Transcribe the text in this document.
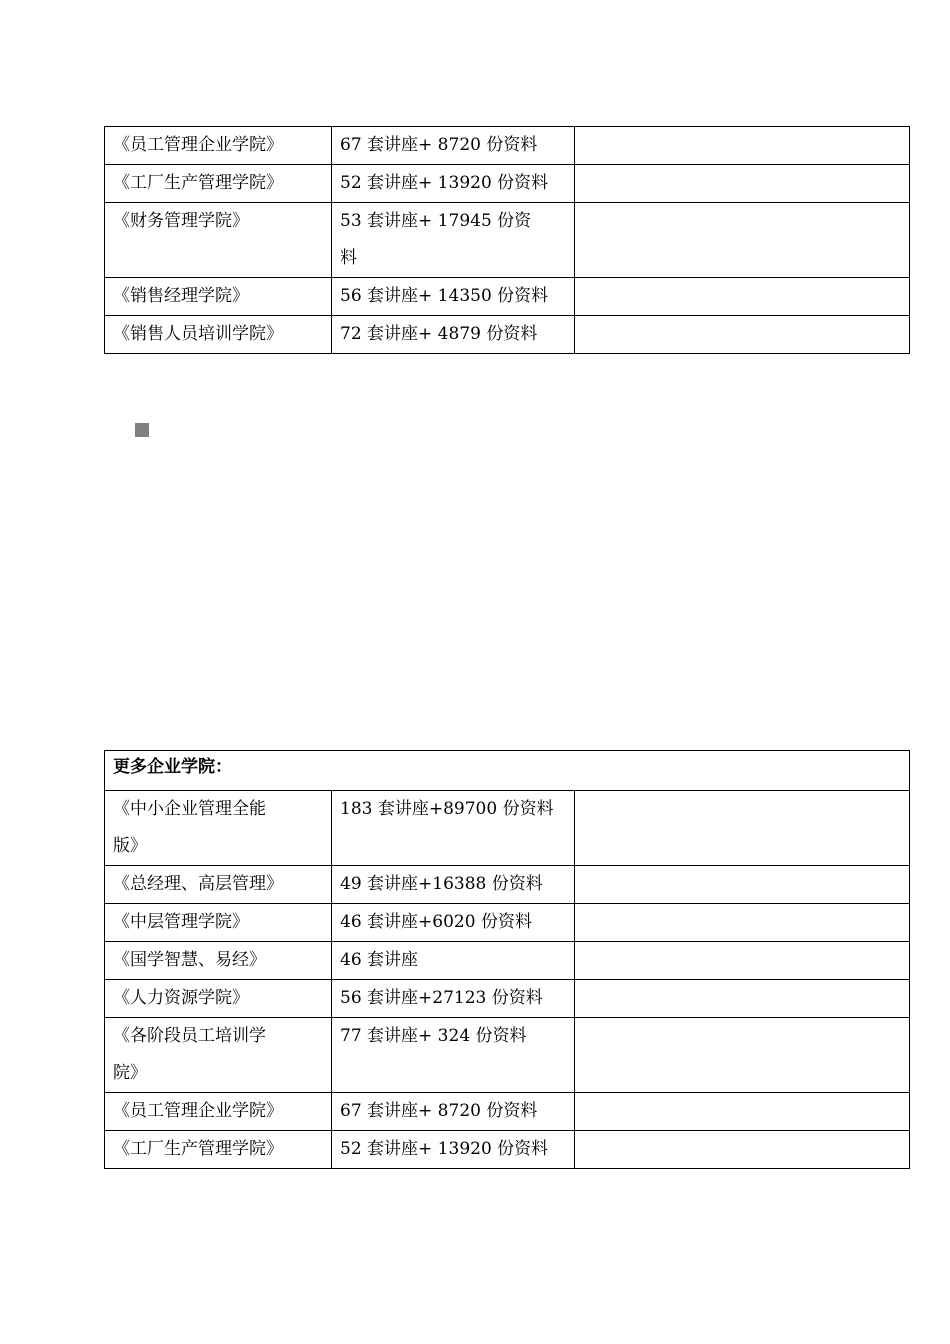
《员工管理企业学院》	67 套讲座+ 8720 份资料	
《工厂生产管理学院》	52 套讲座+ 13920 份资料	
《财务管理学院》	53 套讲座+ 17945 份资料	
《销售经理学院》	56 套讲座+ 14350 份资料	
《销售人员培训学院》	72 套讲座+ 4879 份资料	
更多企业学院：		
《中小企业管理全能版》	183 套讲座+89700 份资料	
《总经理、高层管理》	49 套讲座+16388 份资料	
《中层管理学院》	46 套讲座+6020 份资料	
《国学智慧、易经》	46 套讲座	
《人力资源学院》	56 套讲座+27123 份资料	
《各阶段员工培训学院》	77 套讲座+ 324 份资料	
《员工管理企业学院》	67 套讲座+ 8720 份资料	
《工厂生产管理学院》	52 套讲座+ 13920 份资料	
